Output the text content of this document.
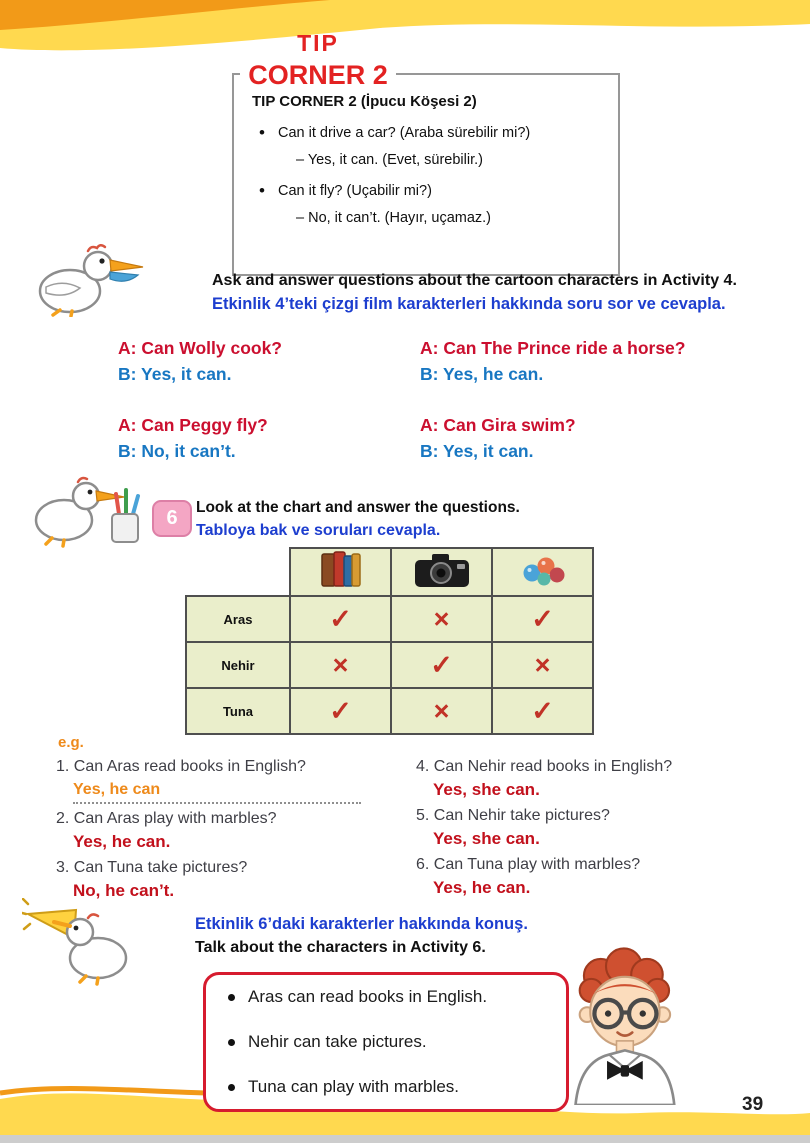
TIP
CORNER 2
TIP CORNER 2 (İpucu Köşesi 2)
• Can it drive a car? (Araba sürebilir mi?)
– Yes, it can. (Evet, sürebilir.)
• Can it fly? (Uçabilir mi?)
– No, it can’t. (Hayır, uçamaz.)
Ask and answer questions about the cartoon characters in Activity 4.
Etkinlik 4’teki çizgi film karakterleri hakkında soru sor ve cevapla.
A: Can Wolly cook?
B: Yes, it can.
A: Can The Prince ride a horse?
B: Yes, he can.
A: Can Peggy fly?
B: No, it can’t.
A: Can Gira swim?
B: Yes, it can.
6 Look at the chart and answer the questions.
Tabloya bak ve soruları cevapla.

Aras	✓	×	✓
Nehir	×	✓	×
Tuna	✓	×	✓
e.g.
1. Can Aras read books in English?
Yes, he can
2. Can Aras play with marbles?
Yes, he can.
3. Can Tuna take pictures?
No, he can’t.
4. Can Nehir read books in English?
Yes, she can.
5. Can Nehir take pictures?
Yes, she can.
6. Can Tuna play with marbles?
Yes, he can.
Etkinlik 6’daki karakterler hakkında konuş.
Talk about the characters in Activity 6.
Aras can read books in English.
Nehir can take pictures.
Tuna can play with marbles.
39
